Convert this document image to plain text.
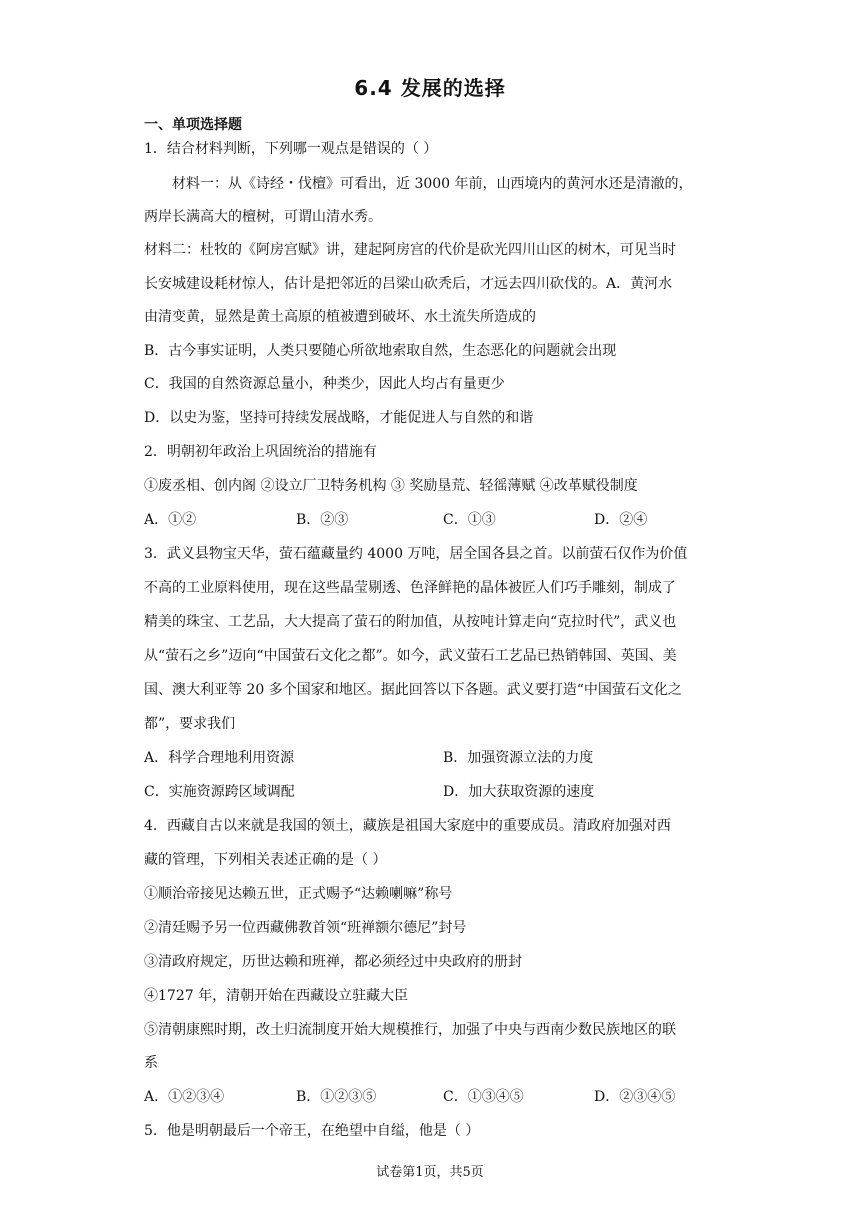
6.4 发展的选择
一、单项选择题
1．结合材料判断，下列哪一观点是错误的（ ）
材料一：从《诗经・伐檀》可看出，近 3000 年前，山西境内的黄河水还是清澈的，
两岸长满高大的檀树，可谓山清水秀。
材料二：杜牧的《阿房宫赋》讲，建起阿房宫的代价是砍光四川山区的树木，可见当时
长安城建设耗材惊人，估计是把邻近的吕梁山砍秃后，才远去四川砍伐的。A．黄河水
由清变黄，显然是黄土高原的植被遭到破坏、水土流失所造成的
B．古今事实证明，人类只要随心所欲地索取自然，生态恶化的问题就会出现
C．我国的自然资源总量小，种类少，因此人均占有量更少
D．以史为鉴，坚持可持续发展战略，才能促进人与自然的和谐
2．明朝初年政治上巩固统治的措施有
①废丞相、创内阁 ②设立厂卫特务机构 ③ 奖励垦荒、轻徭薄赋 ④改革赋役制度
A．①②	B．②③	C．①③	D．②④
3．武义县物宝天华，萤石蕴藏量约 4000 万吨，居全国各县之首。以前萤石仅作为价值
不高的工业原料使用，现在这些晶莹剔透、色泽鲜艳的晶体被匠人们巧手雕刻，制成了
精美的珠宝、工艺品，大大提高了萤石的附加值，从按吨计算走向“克拉时代”，武义也
从“萤石之乡”迈向“中国萤石文化之都”。如今，武义萤石工艺品已热销韩国、英国、美
国、澳大利亚等 20 多个国家和地区。据此回答以下各题。武义要打造“中国萤石文化之
都”，要求我们
A．科学合理地利用资源	B．加强资源立法的力度
C．实施资源跨区域调配	D．加大获取资源的速度
4．西藏自古以来就是我国的领土，藏族是祖国大家庭中的重要成员。清政府加强对西
藏的管理，下列相关表述正确的是（ ）
①顺治帝接见达赖五世，正式赐予“达赖喇嘛”称号
②清廷赐予另一位西藏佛教首领“班禅额尔德尼”封号
③清政府规定，历世达赖和班禅，都必须经过中央政府的册封
④1727 年，清朝开始在西藏设立驻藏大臣
⑤清朝康熙时期，改土归流制度开始大规模推行，加强了中央与西南少数民族地区的联
系
A．①②③④	B．①②③⑤	C．①③④⑤	D．②③④⑤
5．他是明朝最后一个帝王，在绝望中自缢，他是（ ）
试卷第1页，共5页
